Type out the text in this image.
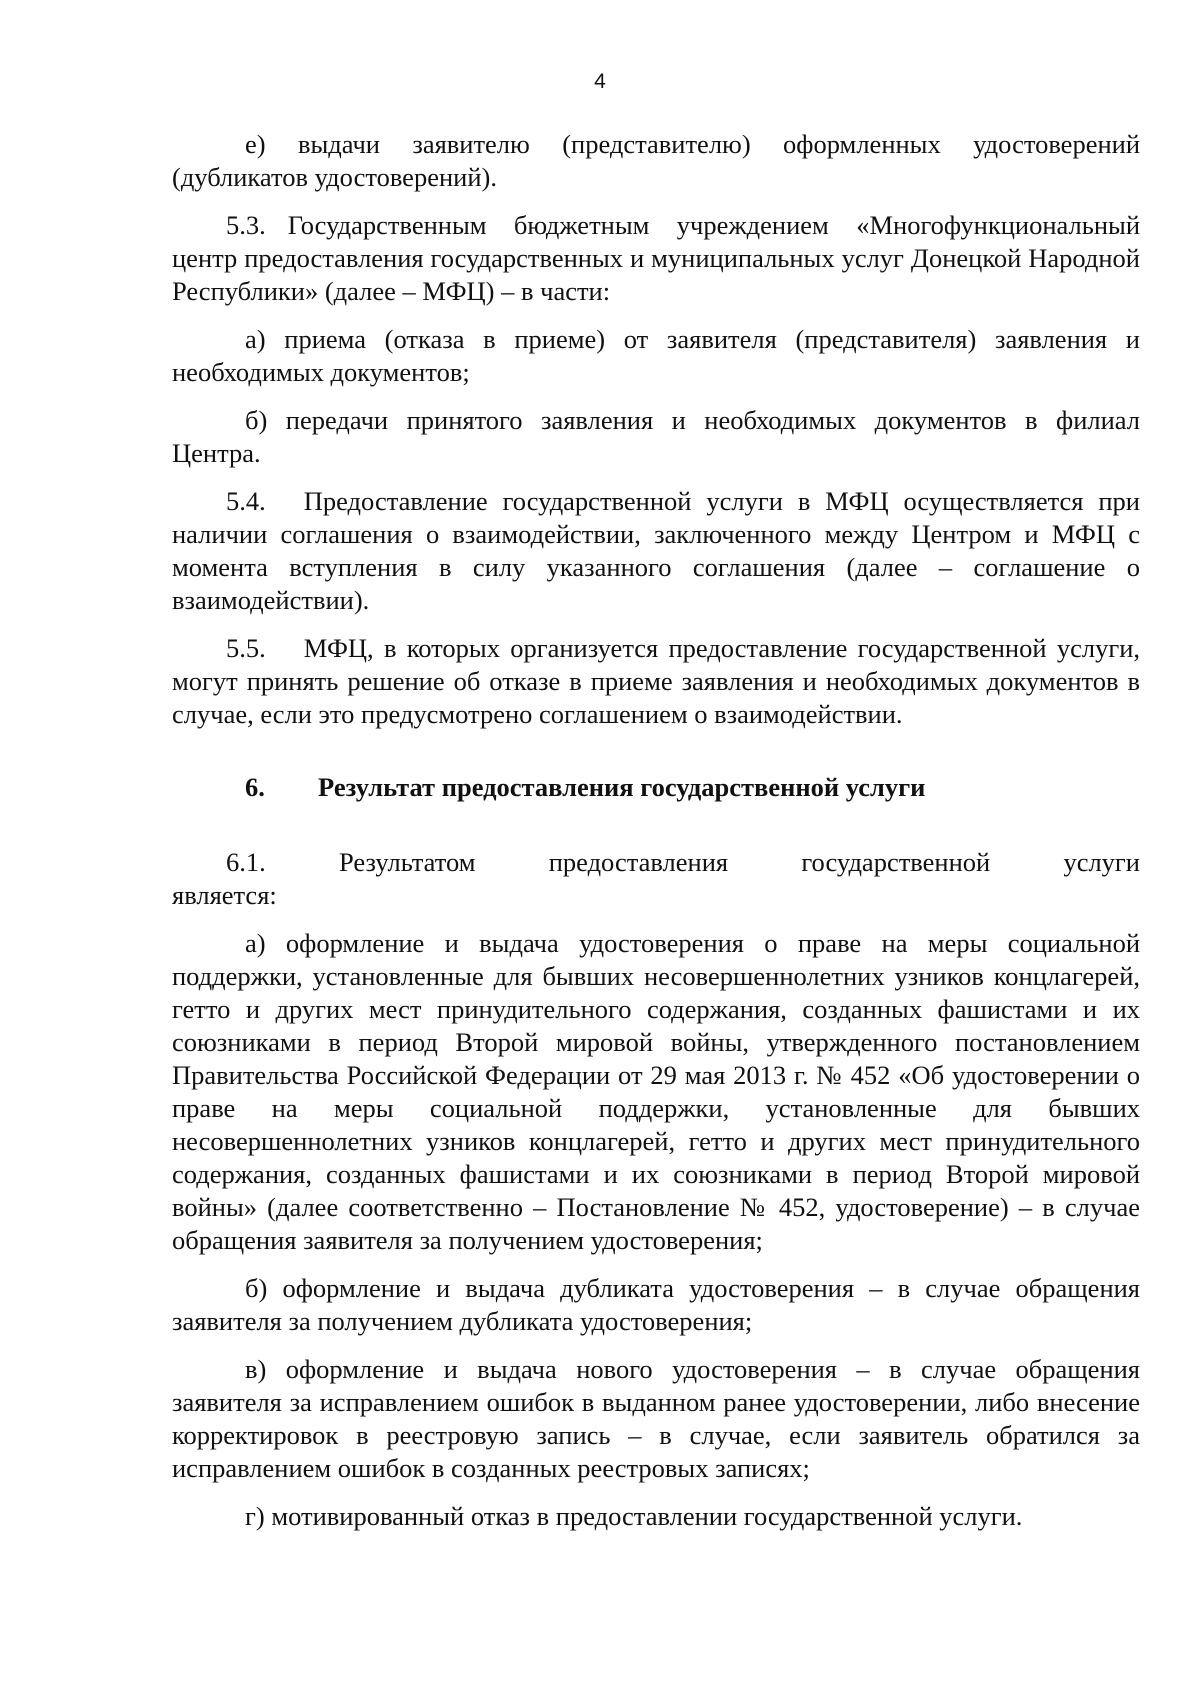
4

е) выдачи заявителю (представителю) оформленных удостоверений (дубликатов удостоверений).

5.3. Государственным бюджетным учреждением «Многофункциональный центр предоставления государственных и муниципальных услуг Донецкой Народной Республики» (далее – МФЦ) – в части:

а) приема (отказа в приеме) от заявителя (представителя) заявления и необходимых документов;

б) передачи принятого заявления и необходимых документов в филиал Центра.

5.4. Предоставление государственной услуги в МФЦ осуществляется при наличии соглашения о взаимодействии, заключенного между Центром и МФЦ с момента вступления в силу указанного соглашения (далее – соглашение о взаимодействии).

5.5. МФЦ, в которых организуется предоставление государственной услуги, могут принять решение об отказе в приеме заявления и необходимых документов в случае, если это предусмотрено соглашением о взаимодействии.

6. Результат предоставления государственной услуги

6.1. Результатом предоставления государственной услуги

является:

а) оформление и выдача удостоверения о праве на меры социальной поддержки, установленные для бывших несовершеннолетних узников концлагерей, гетто и других мест принудительного содержания, созданных фашистами и их союзниками в период Второй мировой войны, утвержденного постановлением Правительства Российской Федерации от 29 мая 2013 г. № 452 «Об удостоверении о праве на меры социальной поддержки, установленные для бывших несовершеннолетних узников концлагерей, гетто и других мест принудительного содержания, созданных фашистами и их союзниками в период Второй мировой войны» (далее соответственно – Постановление № 452, удостоверение) – в случае обращения заявителя за получением удостоверения;

б) оформление и выдача дубликата удостоверения – в случае обращения заявителя за получением дубликата удостоверения;

в) оформление и выдача нового удостоверения – в случае обращения заявителя за исправлением ошибок в выданном ранее удостоверении, либо внесение корректировок в реестровую запись – в случае, если заявитель обратился за исправлением ошибок в созданных реестровых записях;

г) мотивированный отказ в предоставлении государственной услуги.
